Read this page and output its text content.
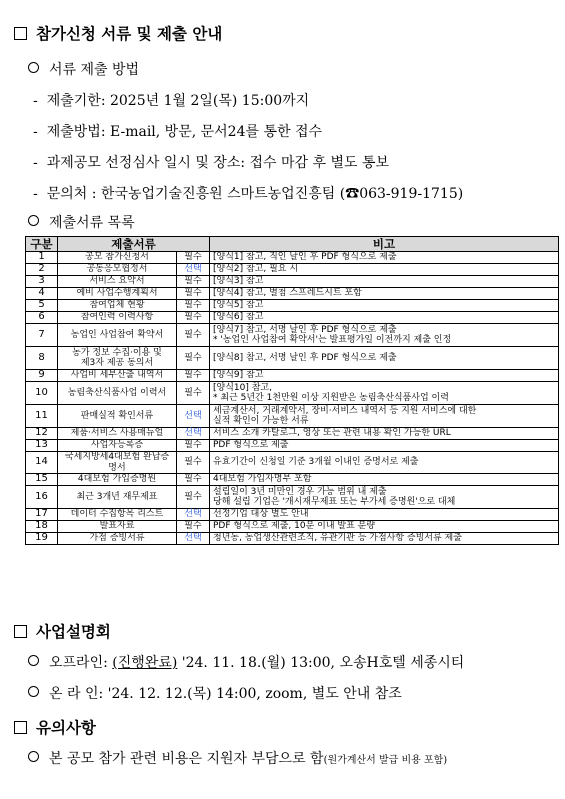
참가신청 서류 및 제출 안내
서류 제출 방법
- 제출기한: 2025년 1월 2일(목) 15:00까지
- 제출방법: E-mail, 방문, 문서24를 통한 접수
- 과제공모 선정심사 일시 및 장소: 접수 마감 후 별도 통보
- 문의처 : 한국농업기술진흥원 스마트농업진흥팀 (☎063-919-1715)
제출서류 목록
구분	제출서류		비고
1	공모 참가신청서	필수	[양식1] 참고, 직인 날인 후 PDF 형식으로 제출
2	공동응모협정서	선택	[양식2] 참고, 필요 시
3	서비스 요약서	필수	[양식3] 참고
4	예비 사업수행계획서	필수	[양식4] 참고, 별첨 스프레드시트 포함
5	참여업체 현황	필수	[양식5] 참고
6	참여인력 이력사항	필수	[양식6] 참고
7	농업인 사업참여 확약서	필수	[양식7] 참고, 서명 날인 후 PDF 형식으로 제출
* '농업인 사업참여 확약서'는 발표평가일 이전까지 제출 인정
8	농가 정보 수집·이용 및
제3자 제공 동의서	필수	[양식8] 참고, 서명 날인 후 PDF 형식으로 제출
9	사업비 세부산출 내역서	필수	[양식9] 참고
10	농림축산식품사업 이력서	필수	[양식10] 참고,
* 최근 5년간 1천만원 이상 지원받은 농림축산식품사업 이력
11	판매실적 확인서류	선택	세금계산서, 거래계약서, 장비·서비스 내역서 등 지원 서비스에 대한
실적 확인이 가능한 서류
12	제품·서비스 사용매뉴얼	선택	서비스 소개 카탈로그, 영상 또는 관련 내용 확인 가능한 URL
13	사업자등록증	필수	PDF 형식으로 제출
14	국세지방세4대보험 완납증명서	필수	유효기간이 신청일 기준 3개월 이내인 증명서로 제출
15	4대보험 가입증명원	필수	4대보험 가입자명부 포함
16	최근 3개년 재무제표	필수	설립일이 3년 미만인 경우 가능 범위 내 제출
당해 설립 기업은 '개시재무제표 또는 부가세 증명원'으로 대체
17	데이터 수집항목 리스트	선택	선정기업 대상 별도 안내
18	발표자료	필수	PDF 형식으로 제출, 10분 이내 발표 분량
19	가점 증빙서류	선택	청년농, 농업생산관련조직, 유관기관 등 가점사항 증빙서류 제출
사업설명회
오프라인: (진행완료) '24. 11. 18.(월) 13:00, 오송H호텔 세종시티
온 라 인: '24. 12. 12.(목) 14:00, zoom, 별도 안내 참조
유의사항
본 공모 참가 관련 비용은 지원자 부담으로 함(원가계산서 발급 비용 포함)
